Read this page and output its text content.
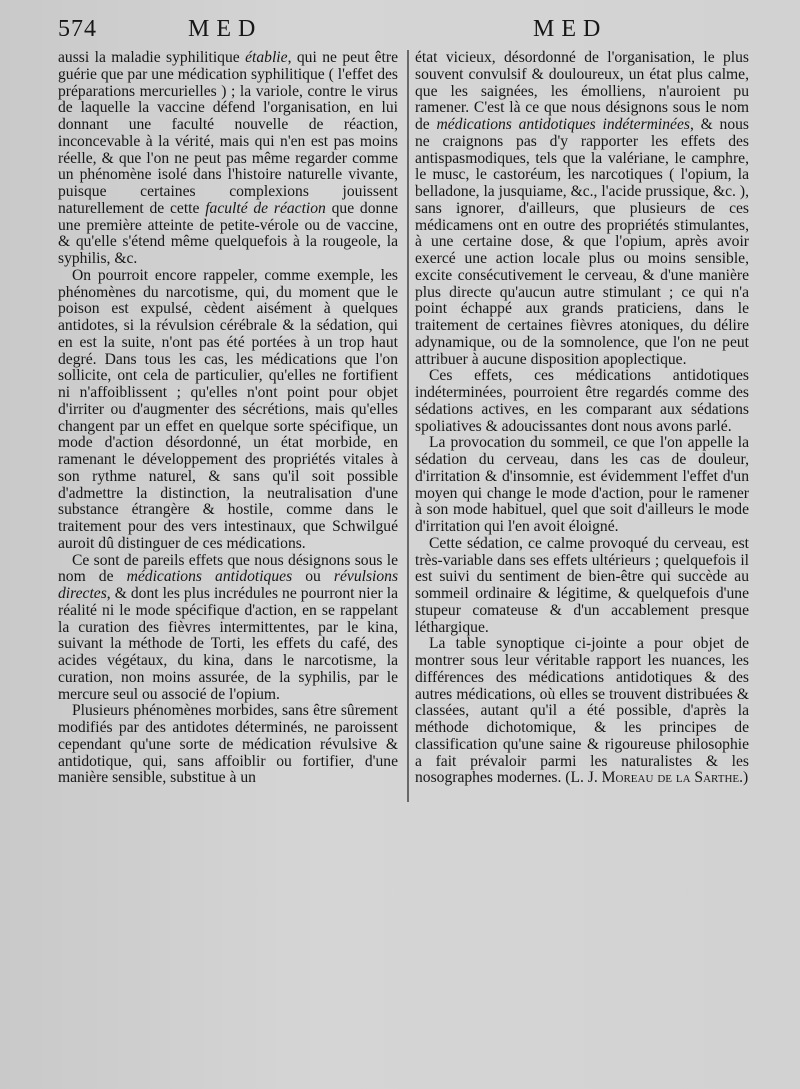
574	MED	MED

aussi la maladie syphilitique établie, qui ne peut être guérie que par une médication syphilitique ( l'effet des préparations mercurielles ) ; la variole, contre le virus de laquelle la vaccine défend l'organisation, en lui donnant une faculté nouvelle de réaction, inconcevable à la vérité, mais qui n'en est pas moins réelle, & que l'on ne peut pas même regarder comme un phénomène isolé dans l'histoire naturelle vivante, puisque certaines complexions jouissent naturellement de cette faculté de réaction que donne une première atteinte de petite-vérole ou de vaccine, & qu'elle s'étend même quelquefois à la rougeole, la syphilis, &c.

On pourroit encore rappeler, comme exemple, les phénomènes du narcotisme, qui, du moment que le poison est expulsé, cèdent aisément à quelques antidotes, si la révulsion cérébrale & la sédation, qui en est la suite, n'ont pas été portées à un trop haut degré. Dans tous les cas, les médications que l'on sollicite, ont cela de particulier, qu'elles ne fortifient ni n'affoiblissent ; qu'elles n'ont point pour objet d'irriter ou d'augmenter des sécrétions, mais qu'elles changent par un effet en quelque sorte spécifique, un mode d'action désordonné, un état morbide, en ramenant le développement des propriétés vitales à son rythme naturel, & sans qu'il soit possible d'admettre la distinction, la neutralisation d'une substance étrangère & hostile, comme dans le traitement pour des vers intestinaux, que Schwilgué auroit dû distinguer de ces médications.

Ce sont de pareils effets que nous désignons sous le nom de médications antidotiques ou révulsions directes, & dont les plus incrédules ne pourront nier la réalité ni le mode spécifique d'action, en se rappelant la curation des fièvres intermittentes, par le kina, suivant la méthode de Torti, les effets du café, des acides végétaux, du kina, dans le narcotisme, la curation, non moins assurée, de la syphilis, par le mercure seul ou associé de l'opium.

Plusieurs phénomènes morbides, sans être sûrement modifiés par des antidotes déterminés, ne paroissent cependant qu'une sorte de médication révulsive & antidotique, qui, sans affoiblir ou fortifier, d'une manière sensible, substitue à un

état vicieux, désordonné de l'organisation, le plus souvent convulsif & douloureux, un état plus calme, que les saignées, les émolliens, n'auroient pu ramener. C'est là ce que nous désignons sous le nom de médications antidotiques indéterminées, & nous ne craignons pas d'y rapporter les effets des antispasmodiques, tels que la valériane, le camphre, le musc, le castoréum, les narcotiques ( l'opium, la belladone, la jusquiame, &c., l'acide prussique, &c. ), sans ignorer, d'ailleurs, que plusieurs de ces médicamens ont en outre des propriétés stimulantes, à une certaine dose, & que l'opium, après avoir exercé une action locale plus ou moins sensible, excite consécutivement le cerveau, & d'une manière plus directe qu'aucun autre stimulant ; ce qui n'a point échappé aux grands praticiens, dans le traitement de certaines fièvres atoniques, du délire adynamique, ou de la somnolence, que l'on ne peut attribuer à aucune disposition apoplectique.

Ces effets, ces médications antidotiques indéterminées, pourroient être regardés comme des sédations actives, en les comparant aux sédations spoliatives & adoucissantes dont nous avons parlé.

La provocation du sommeil, ce que l'on appelle la sédation du cerveau, dans les cas de douleur, d'irritation & d'insomnie, est évidemment l'effet d'un moyen qui change le mode d'action, pour le ramener à son mode habituel, quel que soit d'ailleurs le mode d'irritation qui l'en avoit éloigné.

Cette sédation, ce calme provoqué du cerveau, est très-variable dans ses effets ultérieurs ; quelquefois il est suivi du sentiment de bien-être qui succède au sommeil ordinaire & légitime, & quelquefois d'une stupeur comateuse & d'un accablement presque léthargique.

La table synoptique ci-jointe a pour objet de montrer sous leur véritable rapport les nuances, les différences des médications antidotiques & des autres médications, où elles se trouvent distribuées & classées, autant qu'il a été possible, d'après la méthode dichotomique, & les principes de classification qu'une saine & rigoureuse philosophie a fait prévaloir parmi les naturalistes & les nosographes modernes. (L. J. Moreau de la Sarthe.)
